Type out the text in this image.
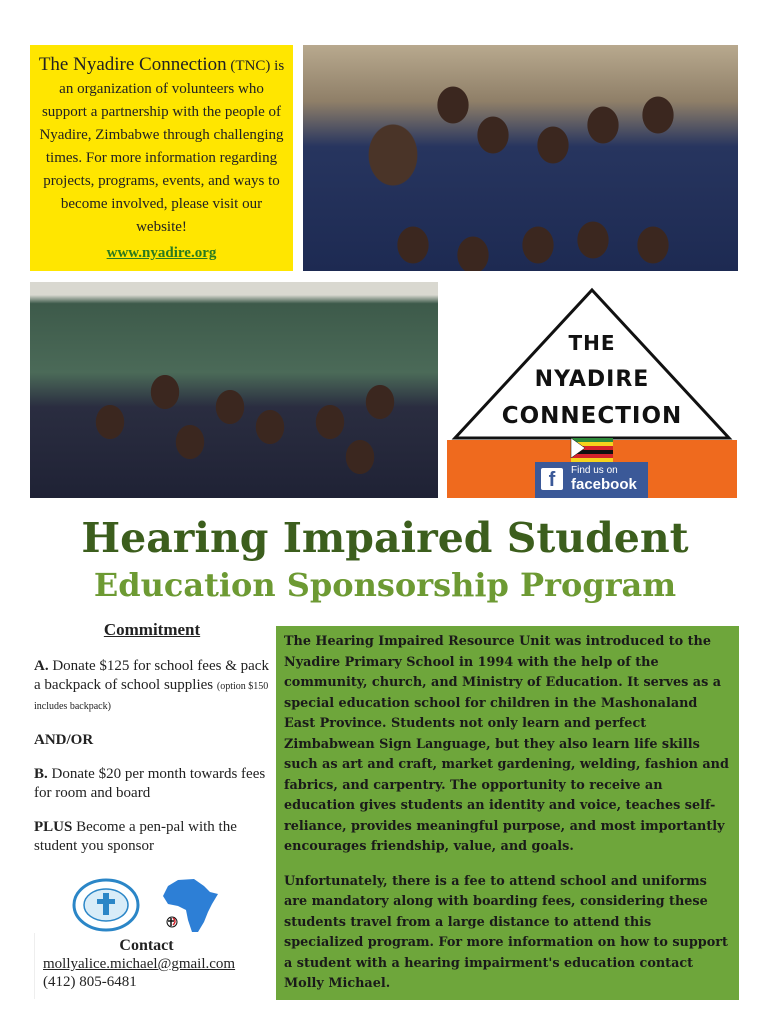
The Nyadire Connection (TNC) is an organization of volunteers who support a partnership with the people of Nyadire, Zimbabwe through challenging times. For more information regarding projects, programs, events, and ways to become involved, please visit our website!
www.nyadire.org
THE
NYADIRE
CONNECTION
f	Find us on
facebook
Hearing Impaired Student
Education Sponsorship Program
Commitment

A. Donate $125 for school fees & pack a backpack of school supplies (option $150 includes backpack)

AND/OR

B. Donate $20 per month towards fees for room and board

PLUS Become a pen-pal with the student you sponsor

Contact
mollyalice.michael@gmail.com
(412) 805-6481

The Hearing Impaired Resource Unit was introduced to the Nyadire Primary School in 1994 with the help of the community, church, and Ministry of Education. It serves as a special education school for children in the Mashonaland East Province. Students not only learn and perfect Zimbabwean Sign Language, but they also learn life skills such as art and craft, market gardening, welding, fashion and fabrics, and carpentry. The opportunity to receive an education gives students an identity and voice, teaches self-reliance, provides meaningful purpose, and most importantly encourages friendship, value, and goals.

Unfortunately, there is a fee to attend school and uniforms are mandatory along with boarding fees, considering these students travel from a large distance to attend this specialized program. For more information on how to support a student with a hearing impairment's education contact Molly Michael.
